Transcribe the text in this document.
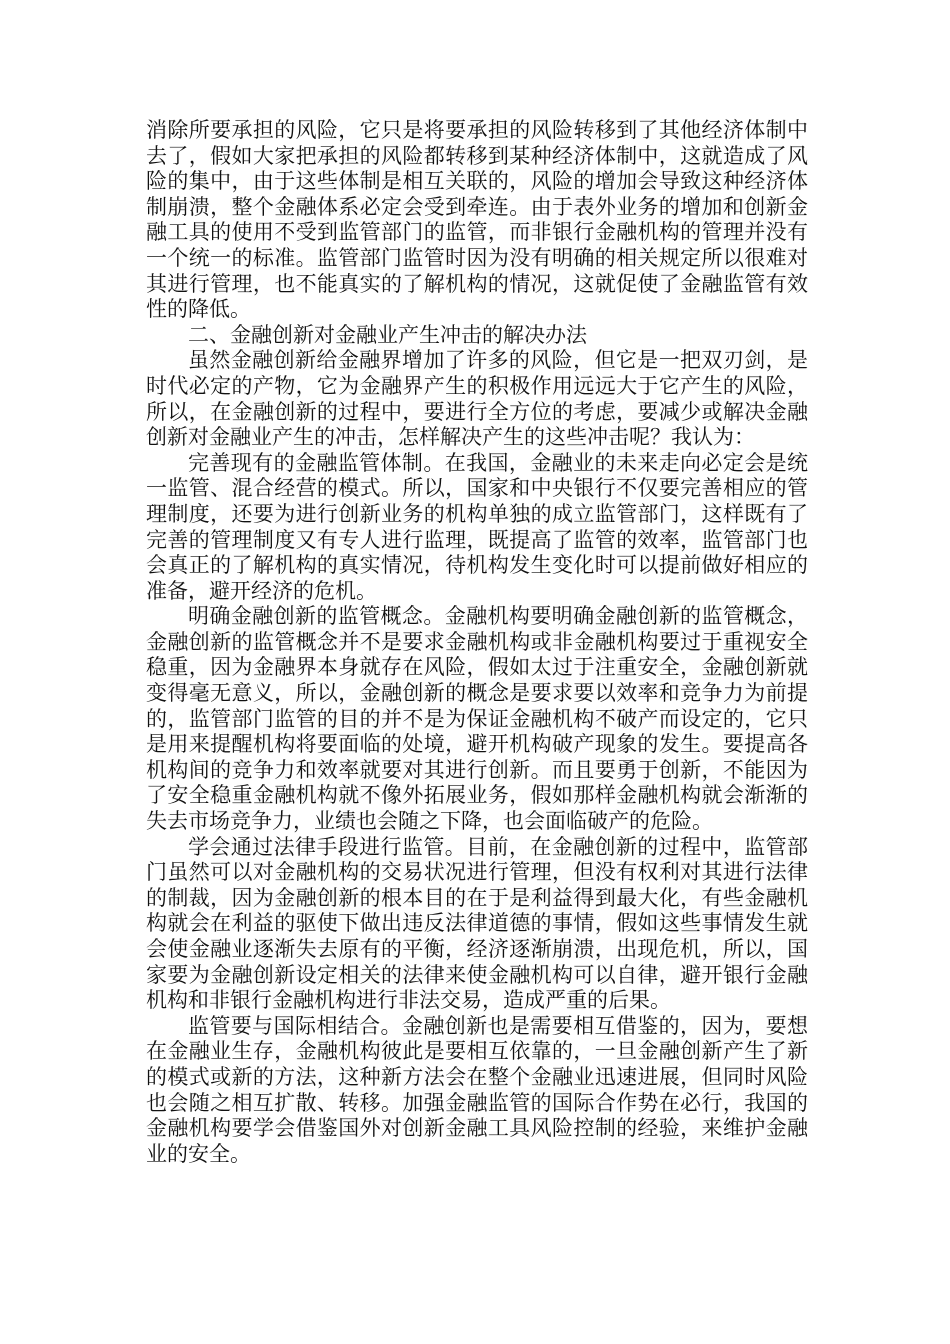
消除所要承担的风险，它只是将要承担的风险转移到了其他经济体制中去了，假如大家把承担的风险都转移到某种经济体制中，这就造成了风险的集中，由于这些体制是相互关联的，风险的增加会导致这种经济体制崩溃，整个金融体系必定会受到牵连。由于表外业务的增加和创新金融工具的使用不受到监管部门的监管，而非银行金融机构的管理并没有一个统一的标准。监管部门监管时因为没有明确的相关规定所以很难对其进行管理，也不能真实的了解机构的情况，这就促使了金融监管有效性的降低。

二、金融创新对金融业产生冲击的解决办法

虽然金融创新给金融界增加了许多的风险，但它是一把双刃剑，是时代必定的产物，它为金融界产生的积极作用远远大于它产生的风险，所以，在金融创新的过程中，要进行全方位的考虑，要减少或解决金融创新对金融业产生的冲击，怎样解决产生的这些冲击呢？我认为：

完善现有的金融监管体制。在我国，金融业的未来走向必定会是统一监管、混合经营的模式。所以，国家和中央银行不仅要完善相应的管理制度，还要为进行创新业务的机构单独的成立监管部门，这样既有了完善的管理制度又有专人进行监理，既提高了监管的效率，监管部门也会真正的了解机构的真实情况，待机构发生变化时可以提前做好相应的准备，避开经济的危机。

明确金融创新的监管概念。金融机构要明确金融创新的监管概念，金融创新的监管概念并不是要求金融机构或非金融机构要过于重视安全稳重，因为金融界本身就存在风险，假如太过于注重安全，金融创新就变得毫无意义，所以，金融创新的概念是要求要以效率和竞争力为前提的，监管部门监管的目的并不是为保证金融机构不破产而设定的，它只是用来提醒机构将要面临的处境，避开机构破产现象的发生。要提高各机构间的竞争力和效率就要对其进行创新。而且要勇于创新，不能因为了安全稳重金融机构就不像外拓展业务，假如那样金融机构就会渐渐的失去市场竞争力，业绩也会随之下降，也会面临破产的危险。

学会通过法律手段进行监管。目前，在金融创新的过程中，监管部门虽然可以对金融机构的交易状况进行管理，但没有权利对其进行法律的制裁，因为金融创新的根本目的在于是利益得到最大化，有些金融机构就会在利益的驱使下做出违反法律道德的事情，假如这些事情发生就会使金融业逐渐失去原有的平衡，经济逐渐崩溃，出现危机，所以，国家要为金融创新设定相关的法律来使金融机构可以自律，避开银行金融机构和非银行金融机构进行非法交易，造成严重的后果。

监管要与国际相结合。金融创新也是需要相互借鉴的，因为，要想在金融业生存，金融机构彼此是要相互依靠的，一旦金融创新产生了新的模式或新的方法，这种新方法会在整个金融业迅速进展，但同时风险也会随之相互扩散、转移。加强金融监管的国际合作势在必行，我国的金融机构要学会借鉴国外对创新金融工具风险控制的经验，来维护金融业的安全。
